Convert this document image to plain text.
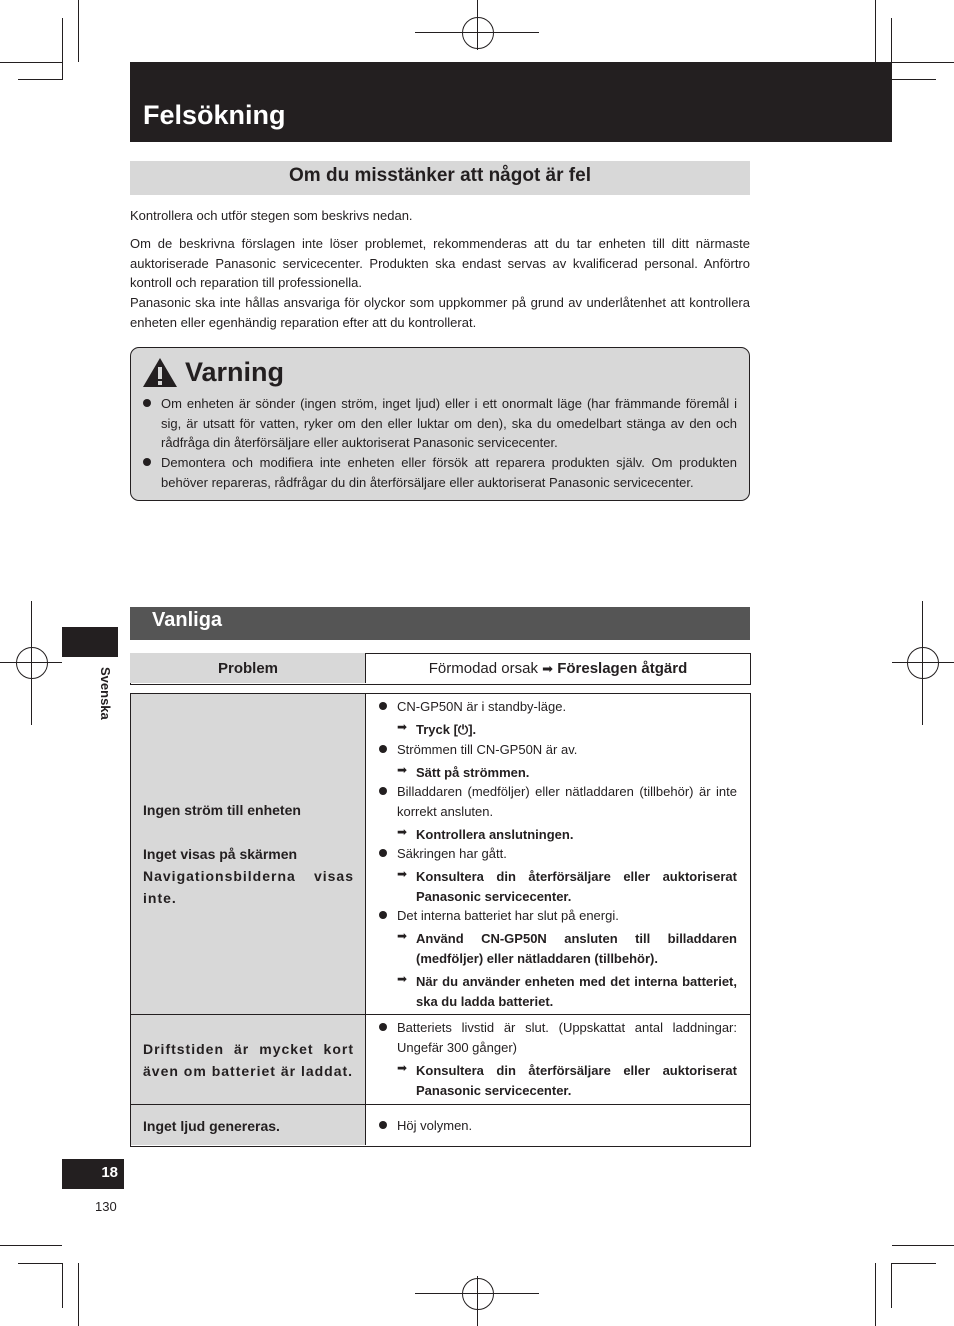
Felsökning
Om du misstänker att något är fel
Kontrollera och utför stegen som beskrivs nedan.
Om de beskrivna förslagen inte löser problemet, rekommenderas att du tar enheten till ditt närmaste auktoriserade Panasonic servicecenter. Produkten ska endast servas av kvalificerad personal. Anförtro kontroll och reparation till professionella.
Panasonic ska inte hållas ansvariga för olyckor som uppkommer på grund av underlåtenhet att kontrollera enheten eller egenhändig reparation efter att du kontrollerat.
Varning
Om enheten är sönder (ingen ström, inget ljud) eller i ett onormalt läge (har främmande föremål i sig, är utsatt för vatten, ryker om den eller luktar om den), ska du omedelbart stänga av den och rådfråga din återförsäljare eller auktoriserat Panasonic servicecenter.
Demontera och modifiera inte enheten eller försök att reparera produkten själv. Om produkten behöver repareras, rådfrågar du din återförsäljare eller auktoriserat Panasonic servicecenter.
Svenska
Vanliga
Problem	Förmodad orsak ➡ Föreslagen åtgärd
Ingen ström till enheten
Inget visas på skärmen
Navigationsbilderna visas inte.
CN-GP50N är i standby-läge.
➡ Tryck [⏻].
Strömmen till CN-GP50N är av.
➡ Sätt på strömmen.
Billaddaren (medföljer) eller nätladdaren (tillbehör) är inte korrekt ansluten.
➡ Kontrollera anslutningen.
Säkringen har gått.
➡ Konsultera din återförsäljare eller auktoriserat Panasonic servicecenter.
Det interna batteriet har slut på energi.
➡ Använd CN-GP50N ansluten till billaddaren (medföljer) eller nätladdaren (tillbehör).
➡ När du använder enheten med det interna batteriet, ska du ladda batteriet.
Driftstiden är mycket kort även om batteriet är laddat.
Batteriets livstid är slut. (Uppskattat antal laddningar: Ungefär 300 gånger)
➡ Konsultera din återförsäljare eller auktoriserat Panasonic servicecenter.
Inget ljud genereras.	Höj volymen.
18
130
